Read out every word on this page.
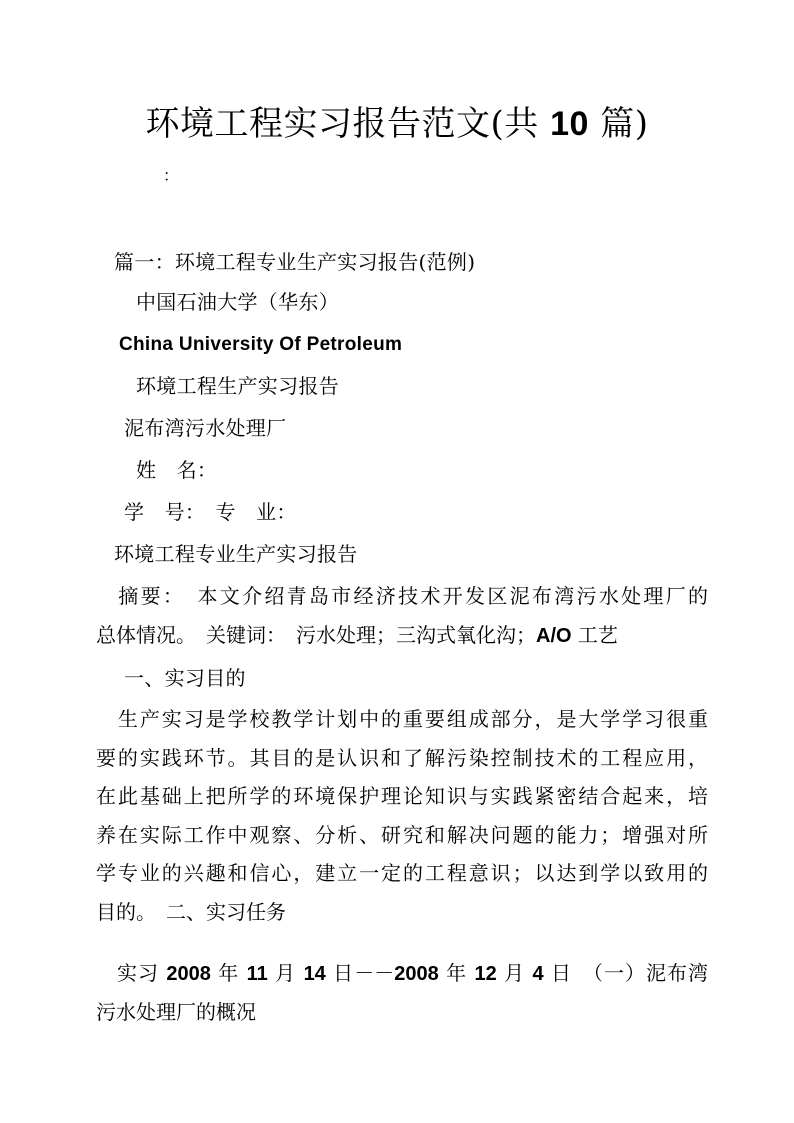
环境工程实习报告范文(共 10 篇)
：
篇一：环境工程专业生产实习报告(范例)
中国石油大学（华东）
China University Of Petroleum
环境工程生产实习报告
泥布湾污水处理厂
姓　名：
学　号：　专　业：
环境工程专业生产实习报告
　摘要：　本文介绍青岛市经济技术开发区泥布湾污水处理厂的
总体情况。　关键词：　污水处理；三沟式氧化沟；A/O 工艺
一、实习目的
　生产实习是学校教学计划中的重要组成部分，是大学学习很重
要的实践环节。其目的是认识和了解污染控制技术的工程应用，
在此基础上把所学的环境保护理论知识与实践紧密结合起来，培
养在实际工作中观察、分析、研究和解决问题的能力；增强对所
学专业的兴趣和信心，建立一定的工程意识；以达到学以致用的
目的。　二、实习任务
　实习 2008 年 11 月 14 日－－2008 年 12 月 4 日　（一）泥布湾
污水处理厂的概况
